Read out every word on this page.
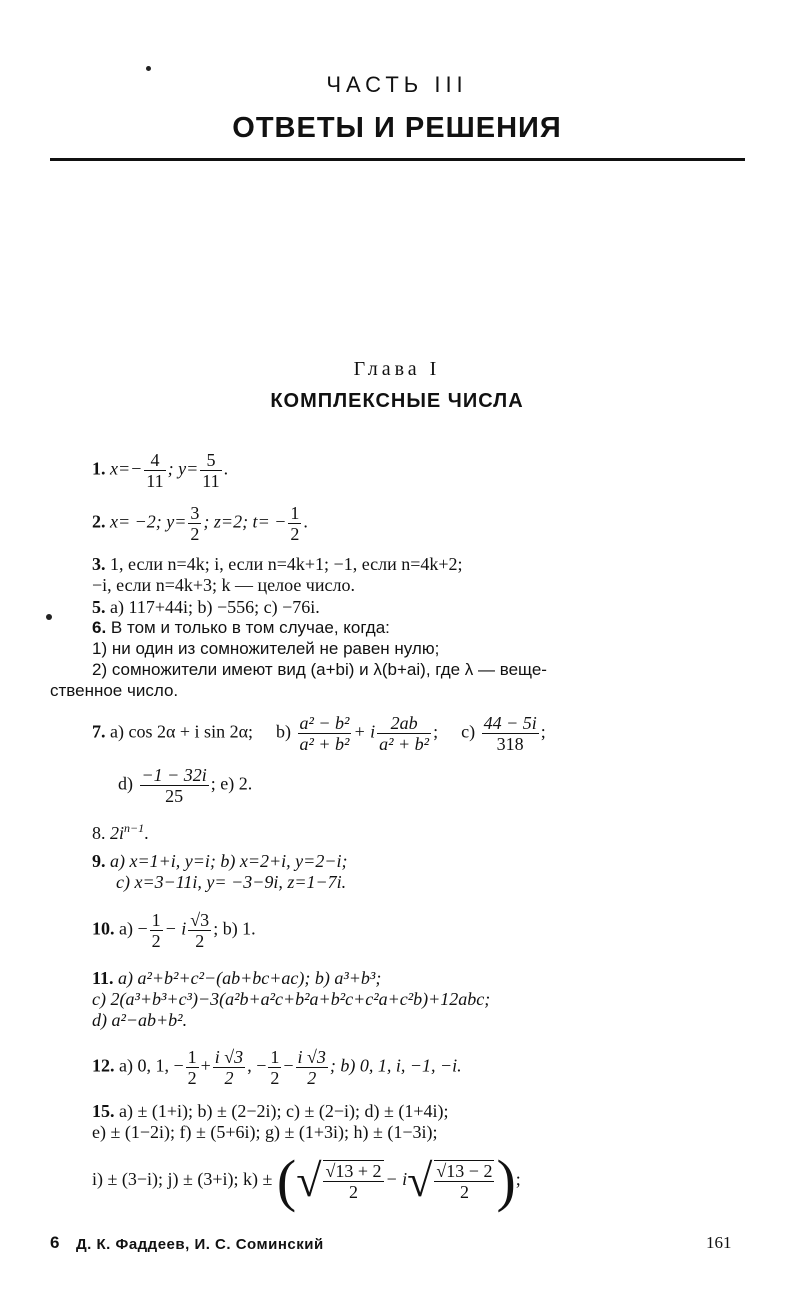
ЧАСТЬ III
ОТВЕТЫ И РЕШЕНИЯ
Глава I
КОМПЛЕКСНЫЕ ЧИСЛА
1. $x=- \frac{4}{11}$ ; $y= \frac{5}{11}$ .
2. x= −2; $y= \frac{3}{2}$ ; z=2; $t= - \frac{1}{2}$ .
3. 1, если n=4k; i, если n=4k+1; −1, если n=4k+2;
−i, если n=4k+3; k — целое число.
5. a) 117+44i; b) −556; c) −76i.
6. В том и только в том случае, когда:
1) ни один из сомножителей не равен нулю;
2) сомножители имеют вид (a+bi) и λ(b+ai), где λ — веще-
ственное число.
7. a) cos 2α + i sin 2α; $b) \frac{\text{a² − b²}}{\text{a² + b²}} + i \frac{2ab}{\text{a² + b²}}$ ; $c) \frac{44 - 5i}{318}$ ;
$d) \frac{-1 - 32i}{25}$ ; e) 2.
8. $2i^{n-1}$.
9. a) x=1+i, y=i; b) x=2+i, y=2−i;
c) x=3−11i, y= −3−9i, z=1−7i.
10. $a) - \frac{1}{2} - i \frac{√3}{2}$ ; b) 1.
11. a) a²+b²+c²−(ab+bc+ac); b) a³+b³;
c) 2(a³+b³+c³)−3(a²b+a²c+b²a+b²c+c²a+c²b)+12abc;
d) a²−ab+b².
12. a) 0, 1, − $\frac{1}{2} + \frac{i √3}{2}$ , − $\frac{1}{2} - \frac{i √3}{2}$ ; b) 0, 1, i, −1, −i.
15. a) ± (1+i); b) ± (2−2i); c) ± (2−i); d) ± (1+4i);
e) ± (1−2i); f) ± (5+6i); g) ± (1+3i); h) ± (1−3i);
i) ± (3−i); j) ± (3+i); k) ± (√ $\frac{√13 + 2}{2} - i√ \frac{√13 - 2}{2}$ );
6 Д. К. Фаддеев, И. С. Соминский	161
